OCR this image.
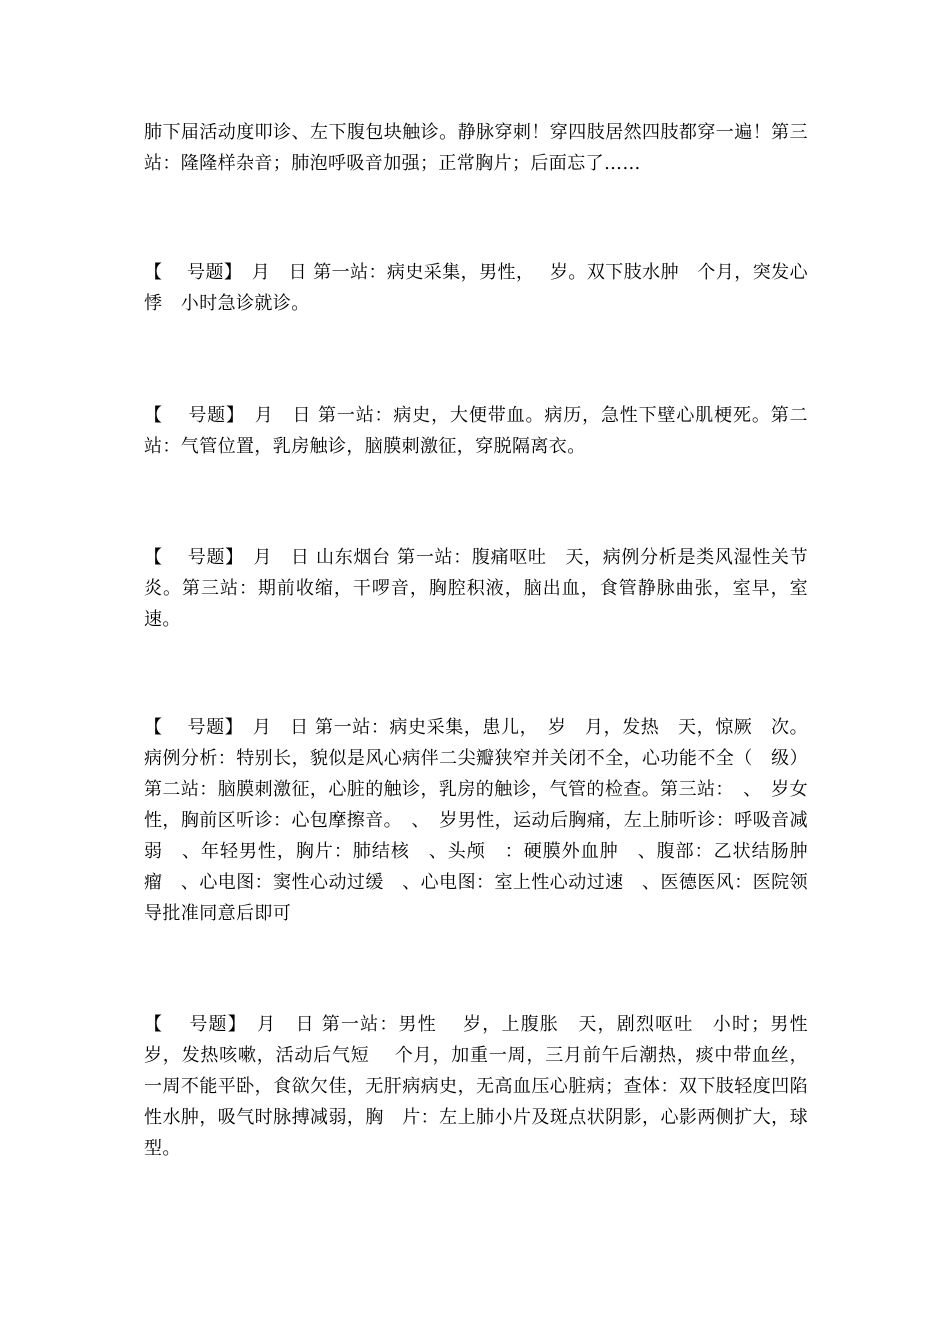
肺下届活动度叩诊、左下腹包块触诊。静脉穿刺！穿四肢居然四肢都穿一遍！第三站：隆隆样杂音；肺泡呼吸音加强；正常胸片；后面忘了……

【　 号题】　月　日 第一站：病史采集，男性，　 岁。双下肢水肿　个月，突发心悸　小时急诊就诊。

【　 号题】　月　日 第一站：病史，大便带血。病历，急性下壁心肌梗死。第二站：气管位置，乳房触诊，脑膜刺激征，穿脱隔离衣。

【　 号题】　月　日 山东烟台 第一站：腹痛呕吐　天，病例分析是类风湿性关节炎。第三站：期前收缩，干啰音，胸腔积液，脑出血，食管静脉曲张，室早，室速。

【　 号题】　月　日 第一站：病史采集，患儿，　岁　月，发热　天，惊厥　次。病例分析：特别长，貌似是风心病伴二尖瓣狭窄并关闭不全，心功能不全（　级）第二站：脑膜刺激征，心脏的触诊，乳房的触诊，气管的检查。第三站：　、　岁女性，胸前区听诊：心包摩擦音。　、　岁男性，运动后胸痛，左上肺听诊：呼吸音减弱　、年轻男性，胸片：肺结核　、头颅　：硬膜外血肿　、腹部：乙状结肠肿瘤　、心电图：窦性心动过缓　、心电图：室上性心动过速　、医德医风：医院领导批准同意后即可

【　 号题】　月　日 第一站：男性　 岁，上腹胀　天，剧烈呕吐　小时；男性　岁，发热咳嗽，活动后气短　 个月，加重一周，三月前午后潮热，痰中带血丝，一周不能平卧，食欲欠佳，无肝病病史，无高血压心脏病；查体：双下肢轻度凹陷性水肿，吸气时脉搏减弱，胸　片：左上肺小片及斑点状阴影，心影两侧扩大，球型。
